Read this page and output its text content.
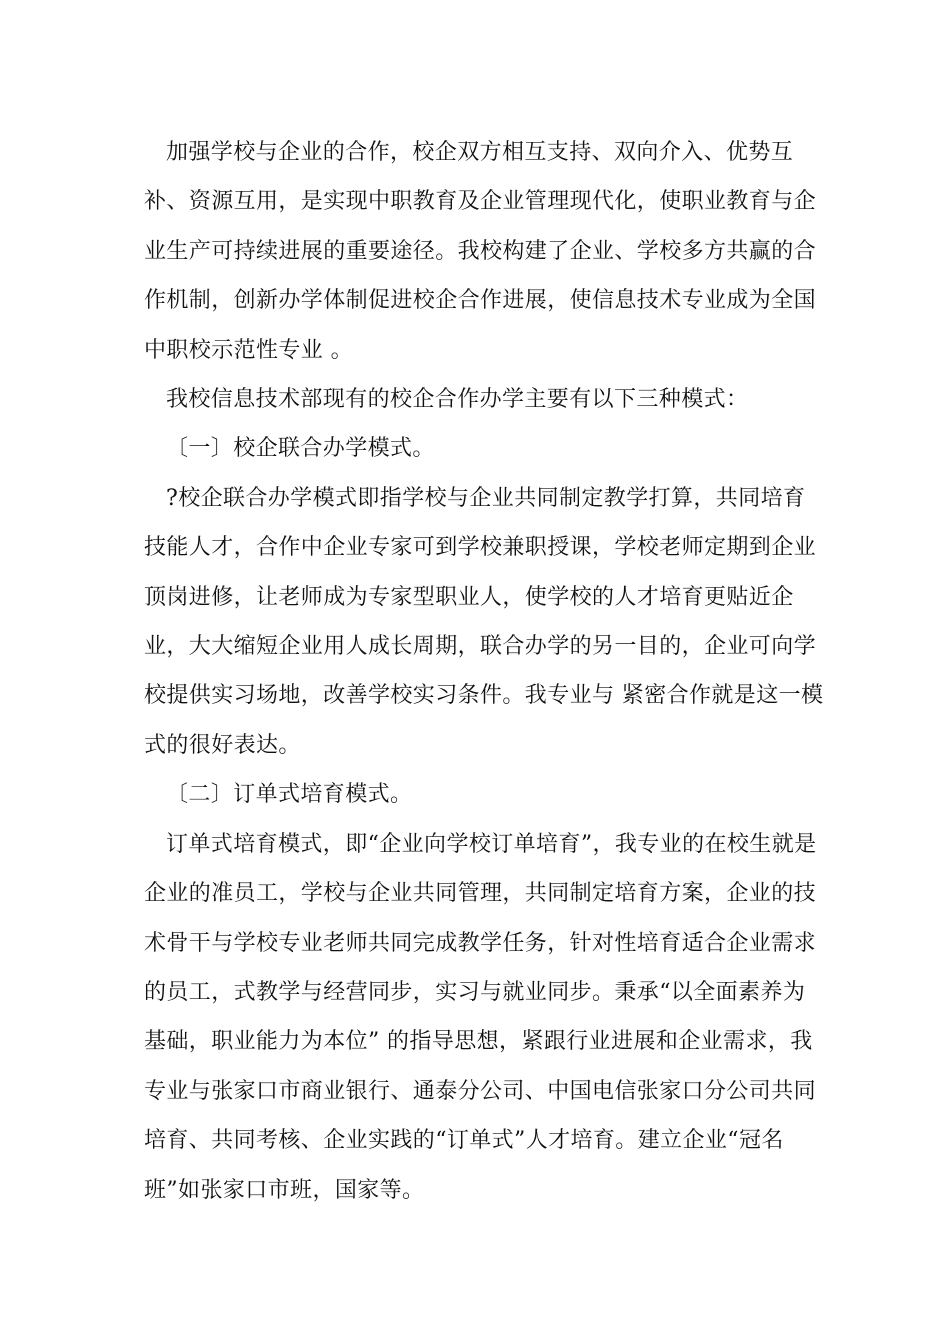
加强学校与企业的合作，校企双方相互支持、双向介入、优势互补、资源互用，是实现中职教育及企业管理现代化，使职业教育与企业生产可持续进展的重要途径。我校构建了企业、学校多方共赢的合作机制，创新办学体制促进校企合作进展，使信息技术专业成为全国中职校示范性专业 。

我校信息技术部现有的校企合作办学主要有以下三种模式：

〔一〕校企联合办学模式。

?校企联合办学模式即指学校与企业共同制定教学打算，共同培育技能人才，合作中企业专家可到学校兼职授课，学校老师定期到企业顶岗进修，让老师成为专家型职业人，使学校的人才培育更贴近企业，大大缩短企业用人成长周期，联合办学的另一目的，企业可向学校提供实习场地，改善学校实习条件。我专业与 紧密合作就是这一模式的很好表达。

〔二〕订单式培育模式。

订单式培育模式，即“企业向学校订单培育”，我专业的在校生就是企业的准员工，学校与企业共同管理，共同制定培育方案，企业的技术骨干与学校专业老师共同完成教学任务，针对性培育适合企业需求的员工，式教学与经营同步，实习与就业同步。秉承“以全面素养为基础，职业能力为本位” 的指导思想，紧跟行业进展和企业需求，我专业与张家口市商业银行、通泰分公司、中国电信张家口分公司共同培育、共同考核、企业实践的“订单式”人才培育。建立企业“冠名班”如张家口市班，国家等。
